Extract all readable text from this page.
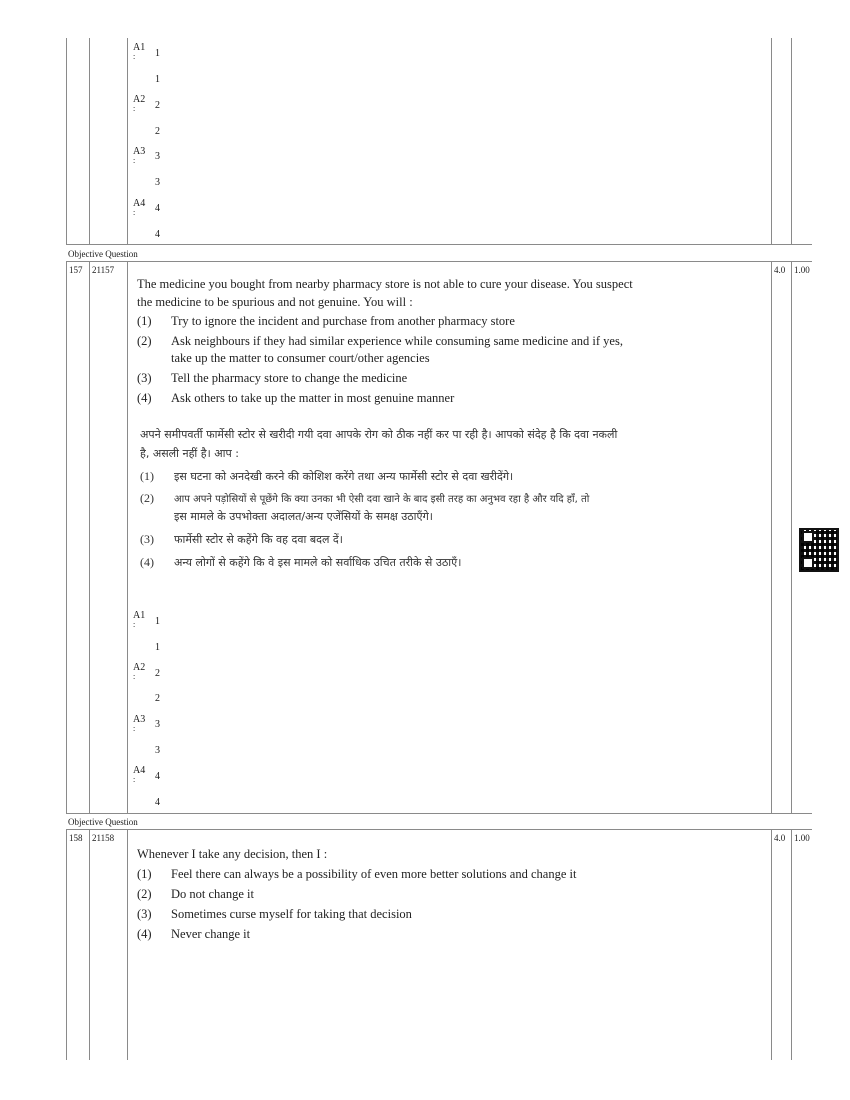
A1
: 1
1
A2
: 2
2
A3
: 3
3
A4
: 4
4
Objective Question
157 21157	4.0 1.00
The medicine you bought from nearby pharmacy store is not able to cure your disease. You suspect
the medicine to be spurious and not genuine. You will :
(1) Try to ignore the incident and purchase from another pharmacy store
(2) Ask neighbours if they had similar experience while consuming same medicine and if yes,
take up the matter to consumer court/other agencies
(3) Tell the pharmacy store to change the medicine
(4) Ask others to take up the matter in most genuine manner
अपने समीपवर्ती फार्मेसी स्टोर से खरीदी गयी दवा आपके रोग को ठीक नहीं कर पा रही है। आपको संदेह है कि दवा नकली
है, असली नहीं है। आप :
(1) इस घटना को अनदेखी करने की कोशिश करेंगे तथा अन्य फार्मेसी स्टोर से दवा खरीदेंगे।
(2) आप अपने पड़ोसियों से पूछेंगे कि क्या उनका भी ऐसी दवा खाने के बाद इसी तरह का अनुभव रहा है और यदि हाँ, तो
इस मामले के उपभोक्ता अदालत/अन्य एजेंसियों के समक्ष उठाएँगे।
(3) फार्मेसी स्टोर से कहेंगे कि वह दवा बदल दें।
(4) अन्य लोगों से कहेंगे कि वे इस मामले को सर्वाधिक उचित तरीके से उठाएँ।
A1
: 1
1
A2
: 2
2
A3
: 3
3
A4
: 4
4
Objective Question
158 21158	4.0 1.00
Whenever I take any decision, then I :
(1) Feel there can always be a possibility of even more better solutions and change it
(2) Do not change it
(3) Sometimes curse myself for taking that decision
(4) Never change it
